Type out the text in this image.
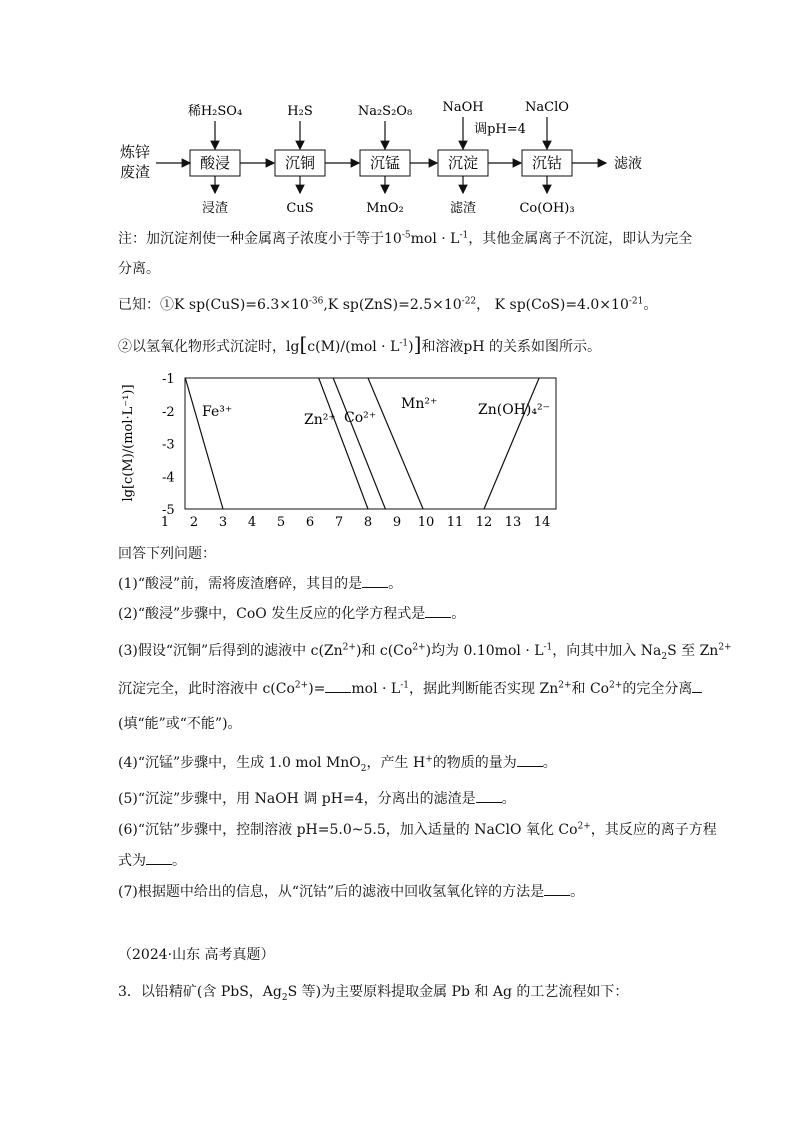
炼锌
废渣	酸浸	沉铜	沉锰	沉淀	沉钴
稀H₂SO₄	H₂S	Na₂S₂O₈ NaOH
调pH=4
NaClO
浸渣	CuS	MnO₂	滤渣	Co(OH)₃
滤液
注：加沉淀剂使一种金属离子浓度小于等于$10^{-5}mol \cdot L^{-1}$，其他金属离子不沉淀，即认为完全
分离。
已知：①K $sp(CuS)=6.3\times 10^{-36},K$ $sp(ZnS)=2.5\times 10^{-22}$， K $sp(CoS)=4.0\times 10^{-21}$。
②以氢氧化物形式沉淀时，$\lg[c(M)/(mol \cdot L^{-1})]$和溶液pH 的关系如图所示。
lg[c(M)/(mol·L⁻¹)]
-1
-2
-3
-4
-5
1 2 3 4 5 6 7 8 9 10 11 12 13 14
Fe³⁺	Zn²⁺ Co²⁺
Mn²⁺	Zn(OH)₄²⁻
回答下列问题：
(1)“酸浸”前，需将废渣磨碎，其目的是 。
(2)“酸浸”步骤中，CoO 发生反应的化学方程式是 。
(3)假设“沉铜”后得到的滤液中 $c(Zn^{2+})$和 $c(Co^{2+})$均为 $0.10mol \cdot L^{-1}$，向其中加入 $Na_2S$ 至 $Zn^{2+}$
沉淀完全，此时溶液中 $c(Co^{2+})=$ mol · $L^{-1}$，据此判断能否实现 $Zn^{2+}$和 $Co^{2+}$的完全分离
(填“能”或“不能”)。
(4)“沉锰”步骤中，生成 1.0 mol MnO$_2$，产生 H+的物质的量为 。
(5)“沉淀”步骤中，用 NaOH 调 pH=4，分离出的滤渣是 。
(6)“沉钴”步骤中，控制溶液 pH=5.0~5.5，加入适量的 NaClO 氧化 $Co^{2+}$，其反应的离子方程
式为 。
(7)根据题中给出的信息，从“沉钴”后的滤液中回收氢氧化锌的方法是 。
（2024·山东 高考真题）
3．以铅精矿(含 PbS，$Ag_2S$ 等)为主要原料提取金属 Pb 和 Ag 的工艺流程如下：
